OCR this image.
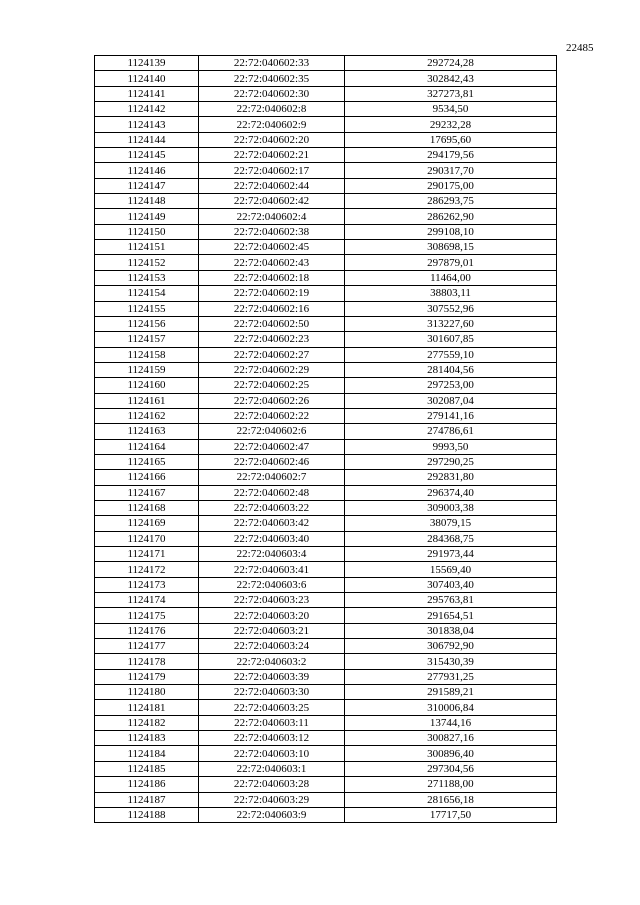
22485
1124139	22:72:040602:33	292724,28
1124140	22:72:040602:35	302842,43
1124141	22:72:040602:30	327273,81
1124142	22:72:040602:8	9534,50
1124143	22:72:040602:9	29232,28
1124144	22:72:040602:20	17695,60
1124145	22:72:040602:21	294179,56
1124146	22:72:040602:17	290317,70
1124147	22:72:040602:44	290175,00
1124148	22:72:040602:42	286293,75
1124149	22:72:040602:4	286262,90
1124150	22:72:040602:38	299108,10
1124151	22:72:040602:45	308698,15
1124152	22:72:040602:43	297879,01
1124153	22:72:040602:18	11464,00
1124154	22:72:040602:19	38803,11
1124155	22:72:040602:16	307552,96
1124156	22:72:040602:50	313227,60
1124157	22:72:040602:23	301607,85
1124158	22:72:040602:27	277559,10
1124159	22:72:040602:29	281404,56
1124160	22:72:040602:25	297253,00
1124161	22:72:040602:26	302087,04
1124162	22:72:040602:22	279141,16
1124163	22:72:040602:6	274786,61
1124164	22:72:040602:47	9993,50
1124165	22:72:040602:46	297290,25
1124166	22:72:040602:7	292831,80
1124167	22:72:040602:48	296374,40
1124168	22:72:040603:22	309003,38
1124169	22:72:040603:42	38079,15
1124170	22:72:040603:40	284368,75
1124171	22:72:040603:4	291973,44
1124172	22:72:040603:41	15569,40
1124173	22:72:040603:6	307403,40
1124174	22:72:040603:23	295763,81
1124175	22:72:040603:20	291654,51
1124176	22:72:040603:21	301838,04
1124177	22:72:040603:24	306792,90
1124178	22:72:040603:2	315430,39
1124179	22:72:040603:39	277931,25
1124180	22:72:040603:30	291589,21
1124181	22:72:040603:25	310006,84
1124182	22:72:040603:11	13744,16
1124183	22:72:040603:12	300827,16
1124184	22:72:040603:10	300896,40
1124185	22:72:040603:1	297304,56
1124186	22:72:040603:28	271188,00
1124187	22:72:040603:29	281656,18
1124188	22:72:040603:9	17717,50
